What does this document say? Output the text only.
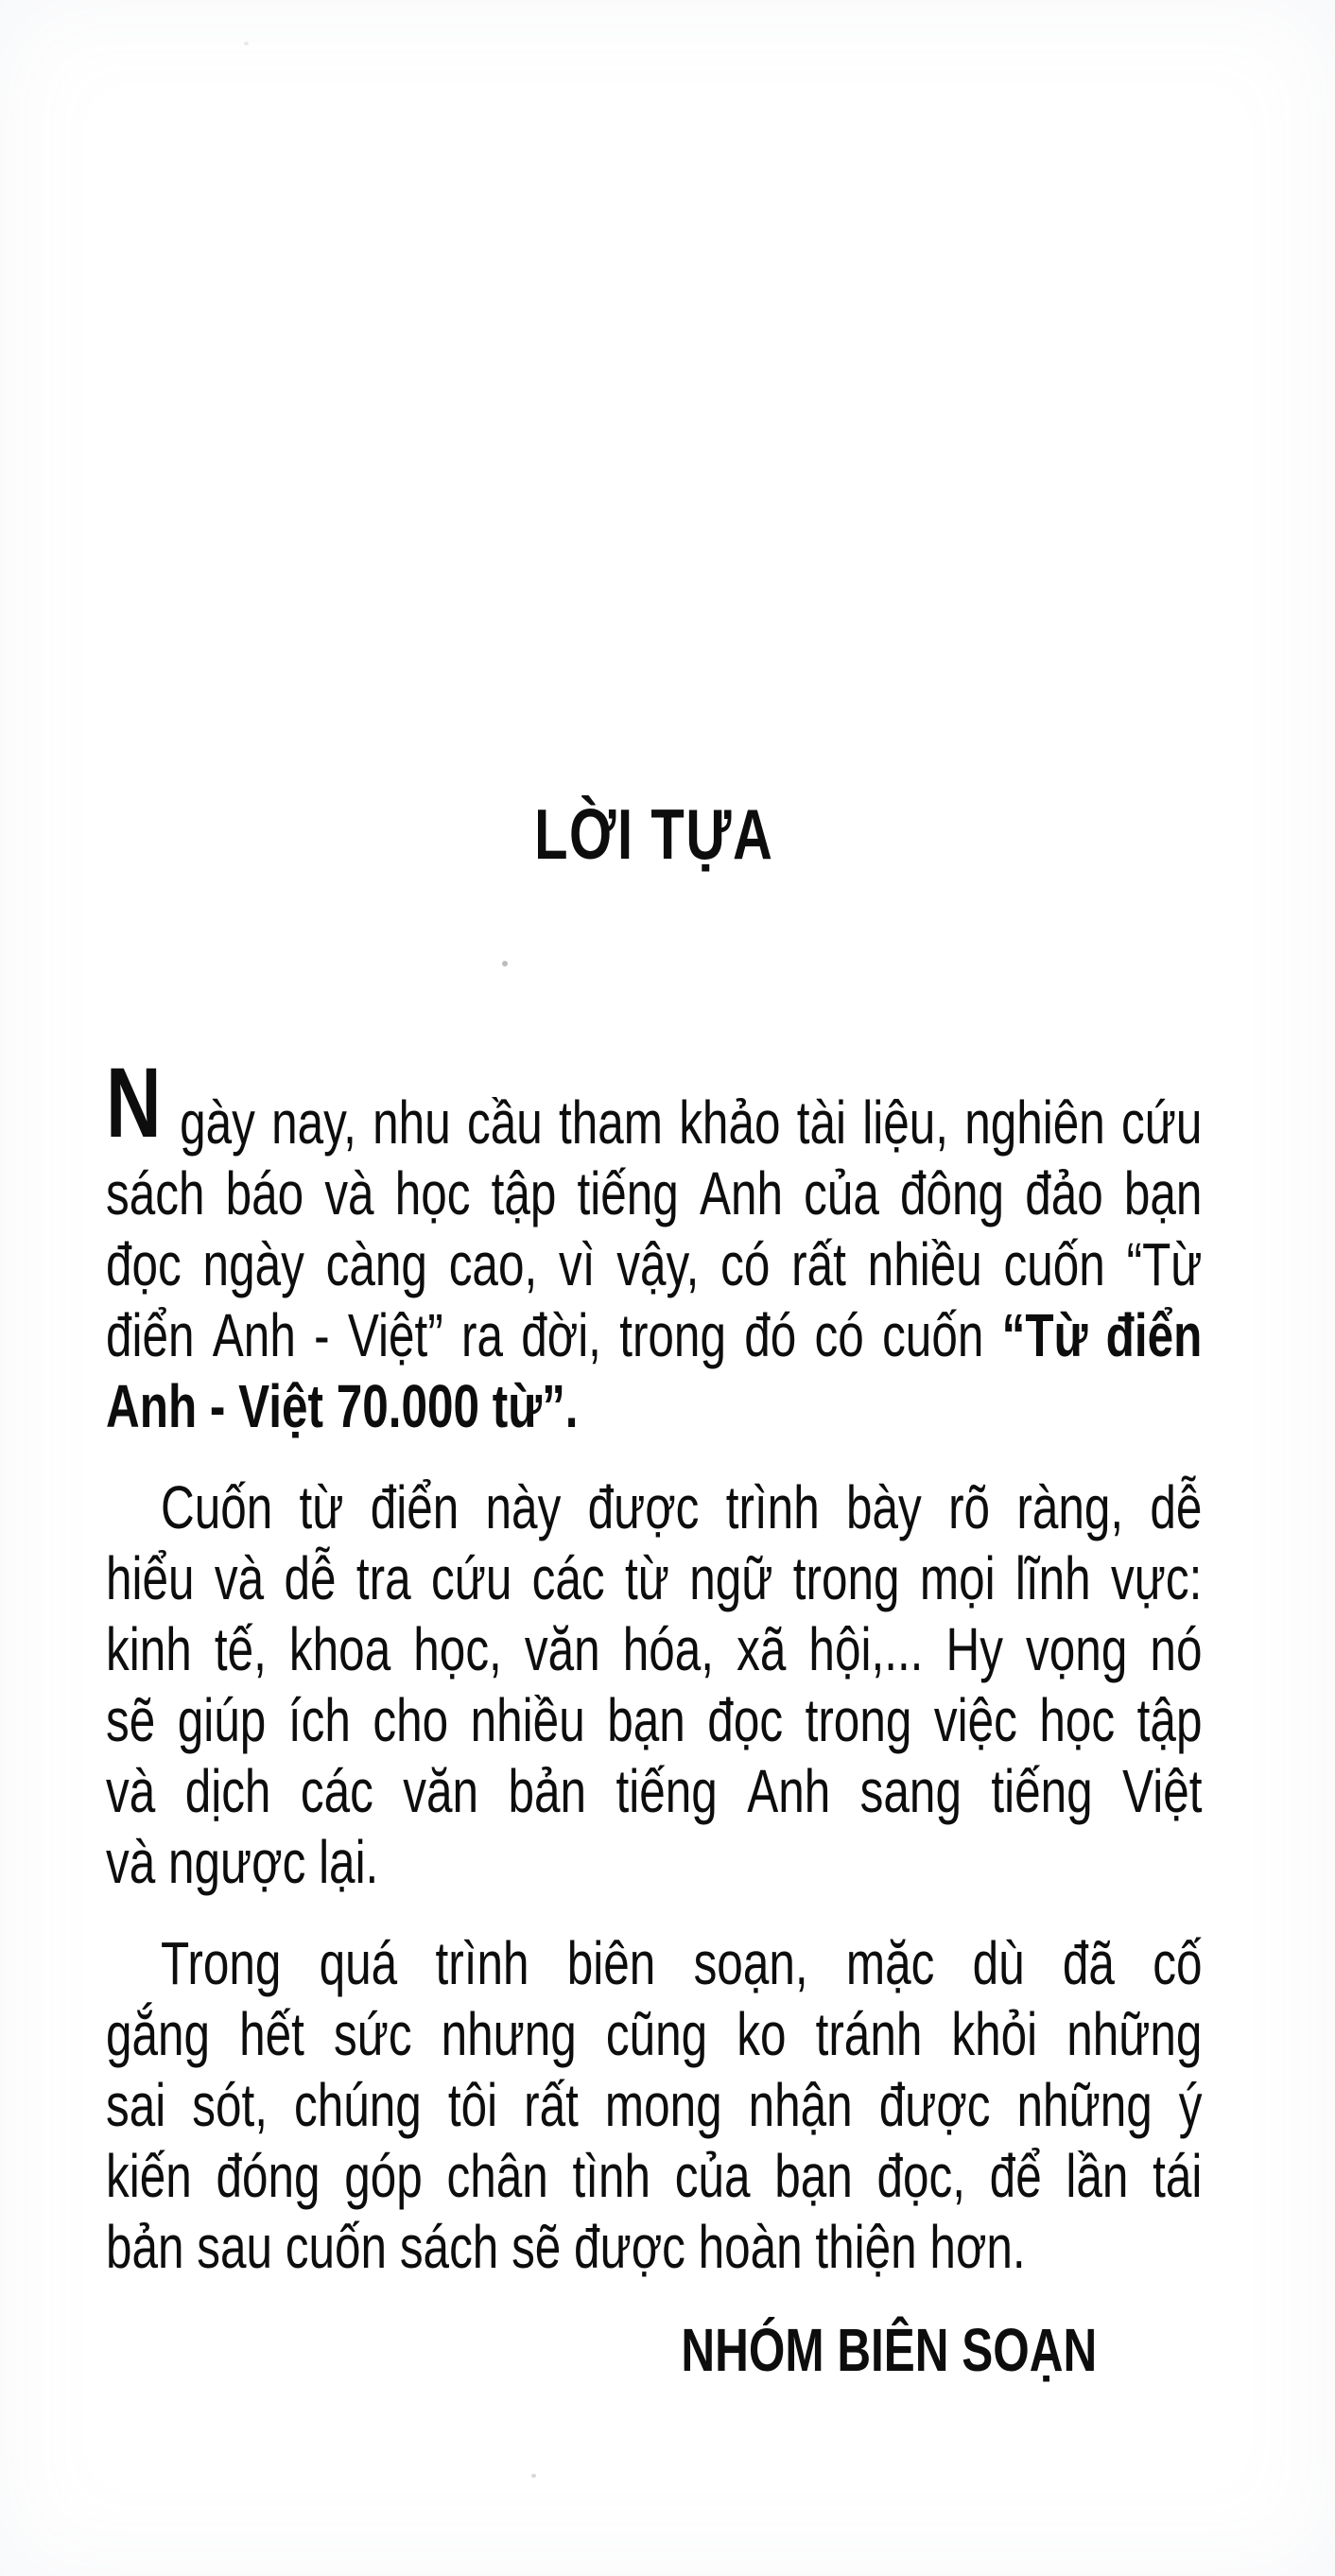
LỜI TỰA
N gày nay, nhu cầu tham khảo tài liệu, nghiên cứu
sách báo và học tập tiếng Anh của đông đảo bạn
đọc ngày càng cao, vì vậy, có rất nhiều cuốn “Từ
điển Anh - Việt” ra đời, trong đó có cuốn “Từ điển
Anh - Việt 70.000 từ”.
Cuốn từ điển này được trình bày rõ ràng, dễ
hiểu và dễ tra cứu các từ ngữ trong mọi lĩnh vực:
kinh tế, khoa học, văn hóa, xã hội,... Hy vọng nó
sẽ giúp ích cho nhiều bạn đọc trong việc học tập
và dịch các văn bản tiếng Anh sang tiếng Việt
và ngược lại.
Trong quá trình biên soạn, mặc dù đã cố
gắng hết sức nhưng cũng ko tránh khỏi những
sai sót, chúng tôi rất mong nhận được những ý
kiến đóng góp chân tình của bạn đọc, để lần tái
bản sau cuốn sách sẽ được hoàn thiện hơn.
NHÓM BIÊN SOẠN
